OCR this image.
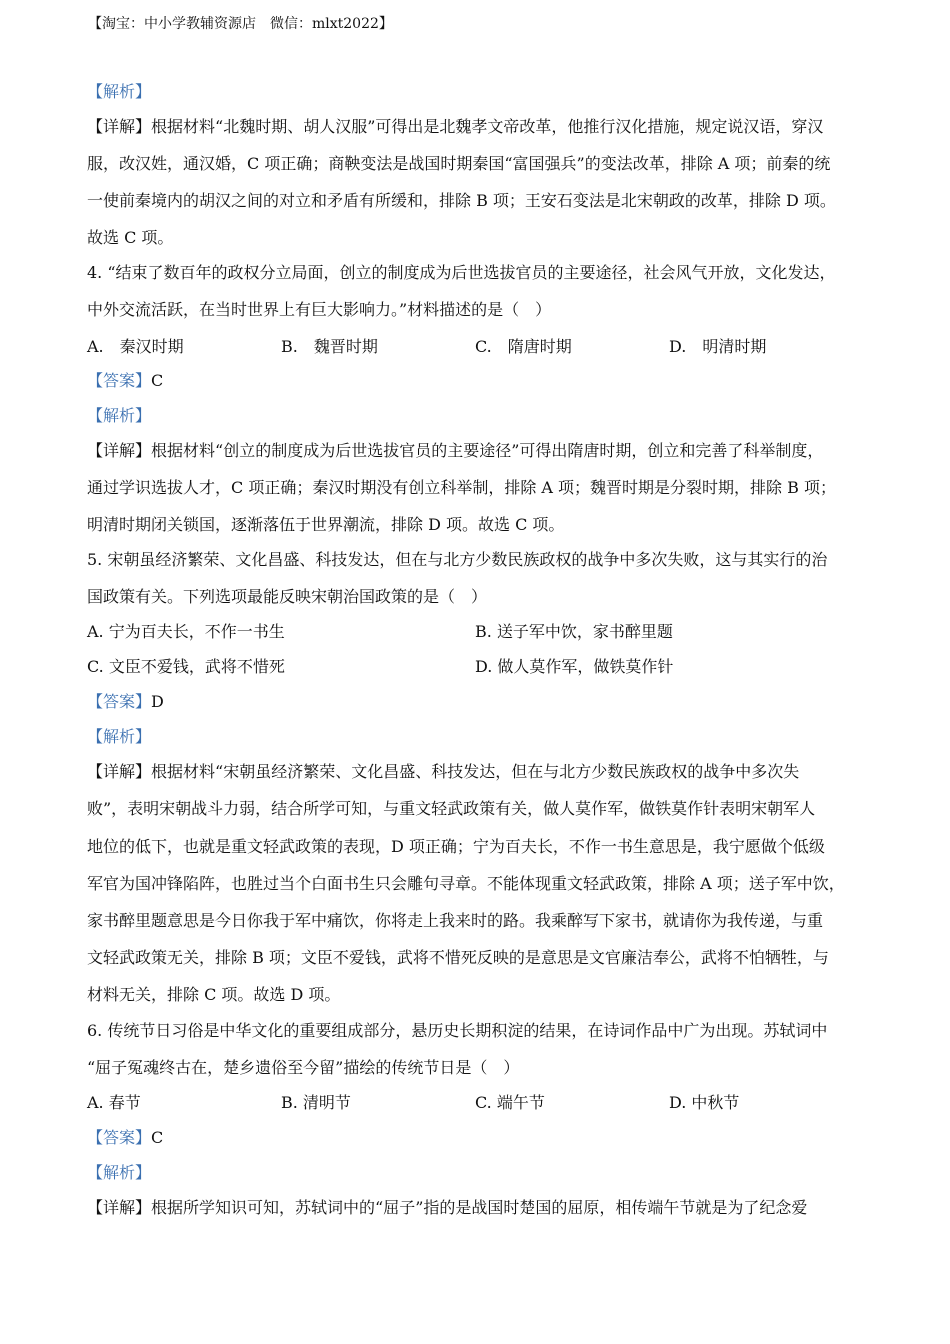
【淘宝：中小学教辅资源店　微信：mlxt2022】
【解析】
【详解】根据材料“北魏时期、胡人汉服”可得出是北魏孝文帝改革，他推行汉化措施，规定说汉语，穿汉
服，改汉姓，通汉婚，C 项正确；商鞅变法是战国时期秦国“富国强兵”的变法改革，排除 A 项；前秦的统
一使前秦境内的胡汉之间的对立和矛盾有所缓和，排除 B 项；王安石变法是北宋朝政的改革，排除 D 项。
故选 C 项。
4. “结束了数百年的政权分立局面，创立的制度成为后世选拔官员的主要途径，社会风气开放，文化发达，
中外交流活跃，在当时世界上有巨大影响力。”材料描述的是（　）
A.　秦汉时期	B.　魏晋时期	C.　隋唐时期	D.　明清时期
【答案】C
【解析】
【详解】根据材料“创立的制度成为后世选拔官员的主要途径”可得出隋唐时期，创立和完善了科举制度，
通过学识选拔人才，C 项正确；秦汉时期没有创立科举制，排除 A 项；魏晋时期是分裂时期，排除 B 项；
明清时期闭关锁国，逐渐落伍于世界潮流，排除 D 项。故选 C 项。
5. 宋朝虽经济繁荣、文化昌盛、科技发达，但在与北方少数民族政权的战争中多次失败，这与其实行的治
国政策有关。下列选项最能反映宋朝治国政策的是（　）
A. 宁为百夫长，不作一书生	B. 送子军中饮，家书醉里题
C. 文臣不爱钱，武将不惜死	D. 做人莫作军，做铁莫作针
【答案】D
【解析】
【详解】根据材料“宋朝虽经济繁荣、文化昌盛、科技发达，但在与北方少数民族政权的战争中多次失
败”，表明宋朝战斗力弱，结合所学可知，与重文轻武政策有关，做人莫作军，做铁莫作针表明宋朝军人
地位的低下，也就是重文轻武政策的表现，D 项正确；宁为百夫长，不作一书生意思是，我宁愿做个低级
军官为国冲锋陷阵，也胜过当个白面书生只会雕句寻章。不能体现重文轻武政策，排除 A 项；送子军中饮，
家书醉里题意思是今日你我于军中痛饮，你将走上我来时的路。我乘醉写下家书，就请你为我传递，与重
文轻武政策无关，排除 B 项；文臣不爱钱，武将不惜死反映的是意思是文官廉洁奉公，武将不怕牺牲，与
材料无关，排除 C 项。故选 D 项。
6. 传统节日习俗是中华文化的重要组成部分，悬历史长期积淀的结果，在诗词作品中广为出现。苏轼词中
“屈子冤魂终古在，楚乡遗俗至今留”描绘的传统节日是（　）
A. 春节	B. 清明节	C. 端午节	D. 中秋节
【答案】C
【解析】
【详解】根据所学知识可知，苏轼词中的“屈子”指的是战国时楚国的屈原，相传端午节就是为了纪念爱
